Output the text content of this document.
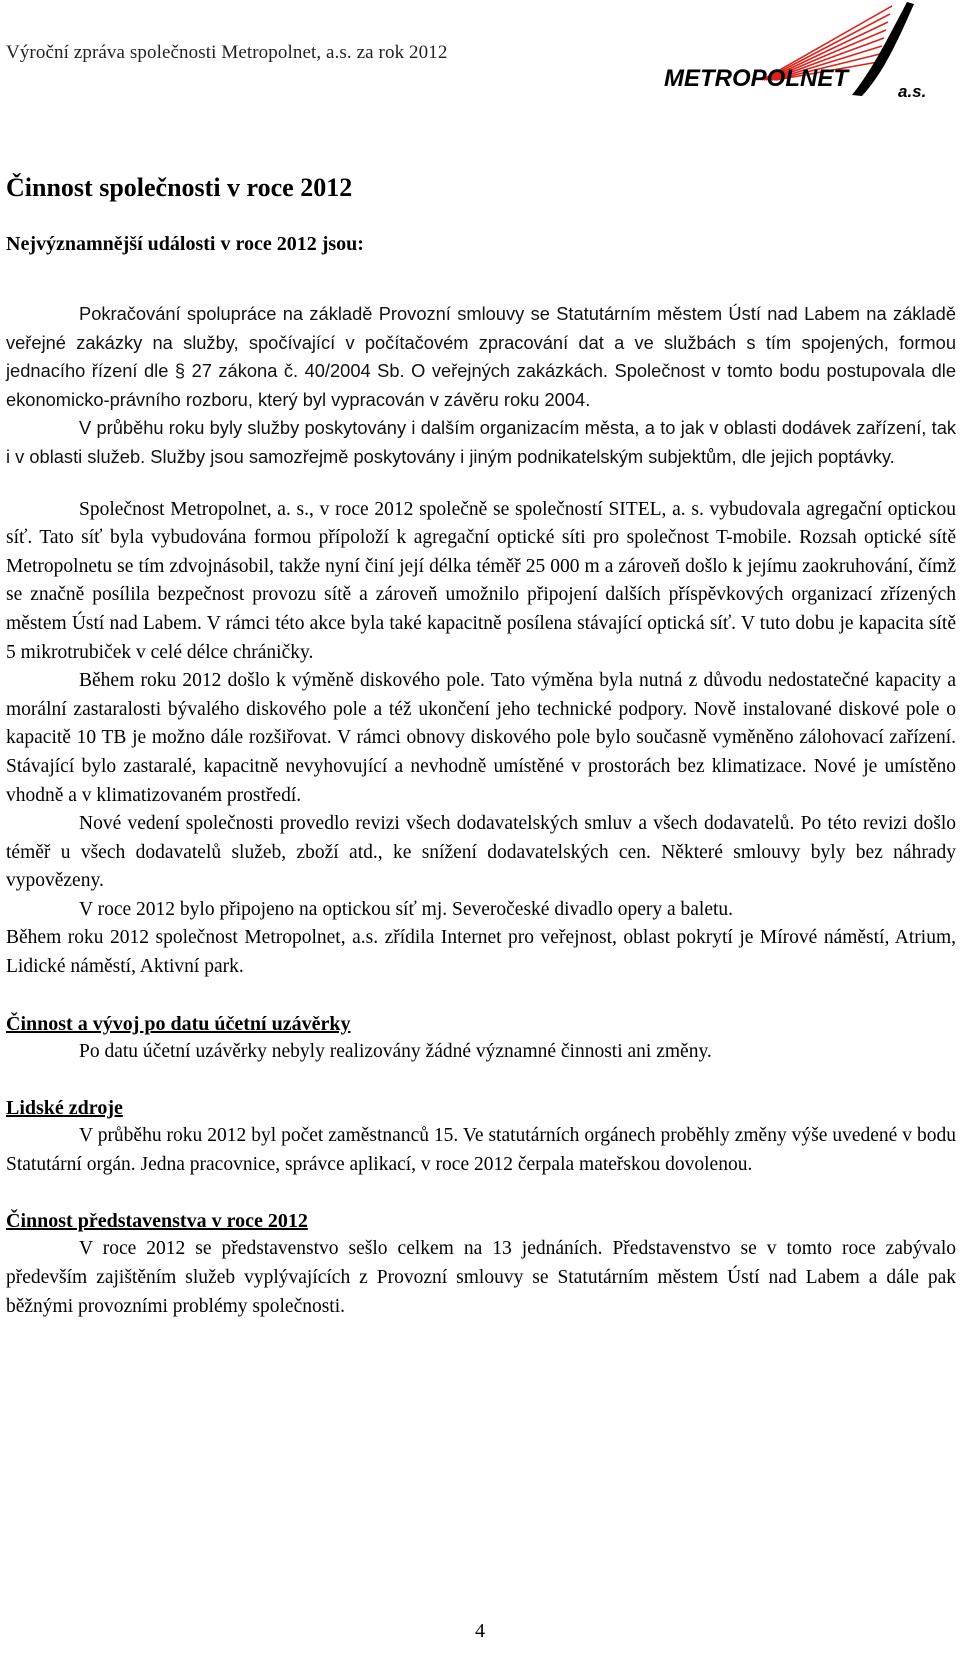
Výroční zpráva společnosti Metropolnet, a.s. za rok 2012
METROPOLNET	a.s.
Činnost společnosti v roce 2012
Nejvýznamnější události v roce 2012 jsou:

Pokračování spolupráce na základě Provozní smlouvy se Statutárním městem Ústí nad Labem na základě veřejné zakázky na služby, spočívající v počítačovém zpracování dat a ve službách s tím spojených, formou jednacího řízení dle § 27 zákona č. 40/2004 Sb. O veřejných zakázkách. Společnost v tomto bodu postupovala dle ekonomicko-právního rozboru, který byl vypracován v závěru roku 2004.

V průběhu roku byly služby poskytovány i dalším organizacím města, a to jak v oblasti dodávek zařízení, tak i v oblasti služeb. Služby jsou samozřejmě poskytovány i jiným podnikatelským subjektům, dle jejich poptávky.

Společnost Metropolnet, a. s., v roce 2012 společně se společností SITEL, a. s. vybudovala agregační optickou síť. Tato síť byla vybudována formou přípoloží k agregační optické síti pro společnost T-mobile. Rozsah optické sítě Metropolnetu se tím zdvojnásobil, takže nyní činí její délka téměř 25 000 m a zároveň došlo k jejímu zaokruhování, čímž se značně posílila bezpečnost provozu sítě a zároveň umožnilo připojení dalších příspěvkových organizací zřízených městem Ústí nad Labem. V rámci této akce byla také kapacitně posílena stávající optická síť. V tuto dobu je kapacita sítě 5 mikrotrubiček v celé délce chráničky.

Během roku 2012 došlo k výměně diskového pole. Tato výměna byla nutná z důvodu nedostatečné kapacity a morální zastaralosti bývalého diskového pole a též ukončení jeho technické podpory. Nově instalované diskové pole o kapacitě 10 TB je možno dále rozšiřovat. V rámci obnovy diskového pole bylo současně vyměněno zálohovací zařízení. Stávající bylo zastaralé, kapacitně nevyhovující a nevhodně umístěné v prostorách bez klimatizace. Nové je umístěno vhodně a v klimatizovaném prostředí.

Nové vedení společnosti provedlo revizi všech dodavatelských smluv a všech dodavatelů. Po této revizi došlo téměř u všech dodavatelů služeb, zboží atd., ke snížení dodavatelských cen. Některé smlouvy byly bez náhrady vypovězeny.

V roce 2012 bylo připojeno na optickou síť mj. Severočeské divadlo opery a baletu.

Během roku 2012 společnost Metropolnet, a.s. zřídila Internet pro veřejnost, oblast pokrytí je Mírové náměstí, Atrium, Lidické náměstí, Aktivní park.

Činnost a vývoj po datu účetní uzávěrky

Po datu účetní uzávěrky nebyly realizovány žádné významné činnosti ani změny.

Lidské zdroje

V průběhu roku 2012 byl počet zaměstnanců 15. Ve statutárních orgánech proběhly změny výše uvedené v bodu Statutární orgán. Jedna pracovnice, správce aplikací, v roce 2012 čerpala mateřskou dovolenou.

Činnost představenstva v roce 2012

V roce 2012 se představenstvo sešlo celkem na 13 jednáních. Představenstvo se v tomto roce zabývalo především zajištěním služeb vyplývajících z Provozní smlouvy se Statutárním městem Ústí nad Labem a dále pak běžnými provozními problémy společnosti.

4
